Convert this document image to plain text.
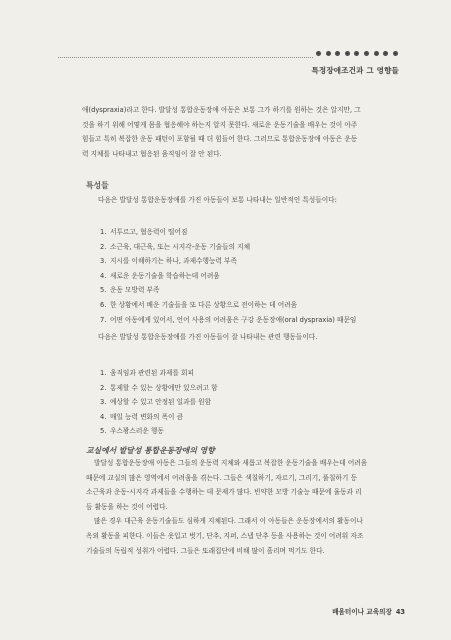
특정장애조건과 그 영향들
애(dyspraxia)라고 한다. 발달성 통합운동장애 아동은 보통 그가 하기를 원하는 것은 알지만, 그
것을 하기 위해 어떻게 몸을 협응해야 하는지 알지 못한다. 새로운 운동기술을 배우는 것이 아주
힘들고 특히 복잡한 운동 패턴이 포함될 때 더 힘들어 한다. 그러므로 통합운동장애 아동은 운동
력 지체를 나타내고 협응된 움직임이 잘 안 된다.
특성들
다음은 발달성 통합운동장애를 가진 아동들이 보통 나타내는 일반적인 특성들이다:
1. 서투르고, 협응력이 떨어짐
2. 소근육, 대근육, 또는 시지각-운동 기술들의 지체
3. 지시를 이해하기는 하나, 과제수행능력 부족
4. 새로운 운동기술을 학습하는데 어려움
5. 운동 모방력 부족
6. 한 상황에서 배운 기술들을 또 다른 상황으로 전이하는 데 어려움
7. 어떤 아동에게 있어서, 언어 사용의 어려움은 구강 운동장애(oral dyspraxia) 때문임
다음은 발달성 통합운동장애를 가진 아동들이 잘 나타내는 관련 행동들이다.
1. 움직임과 관련된 과제를 회피
2. 통제할 수 있는 상황에만 있으려고 함
3. 예상할 수 있고 안정된 일과를 원함
4. 매일 능력 변화의 폭이 큼
5. 우스꽝스러운 행동
교실에서 발달성 통합운동장애의 영향
발달성 통합운동장애 아동은 그들의 운동력 지체와 새롭고 복잡한 운동기술을 배우는데 어려움
때문에 교실의 많은 영역에서 어려움을 겪는다. 그들은 색칠하기, 자르기, 그리기, 풀칠하기 등
소근육과 운동-시지각 과제들을 수행하는 데 문제가 많다. 빈약한 모방 기술능 때문에 율동과 리
듬 활동을 하는 것이 어렵다.
많은 경우 대근육 운동기술들도 심하게 지체된다. 그래서 이 아동들은 운동장에서의 활동이나
옥외 활동을 피한다. 이들은 옷입고 벗기, 단추, 지퍼, 스냅 단추 등을 사용하는 것이 어려워 자조
기술들의 독립적 성취가 어렵다. 그들은 또래집단에 비해 많이 흘리며 먹기도 한다.
배움터이나 교육의장 43
